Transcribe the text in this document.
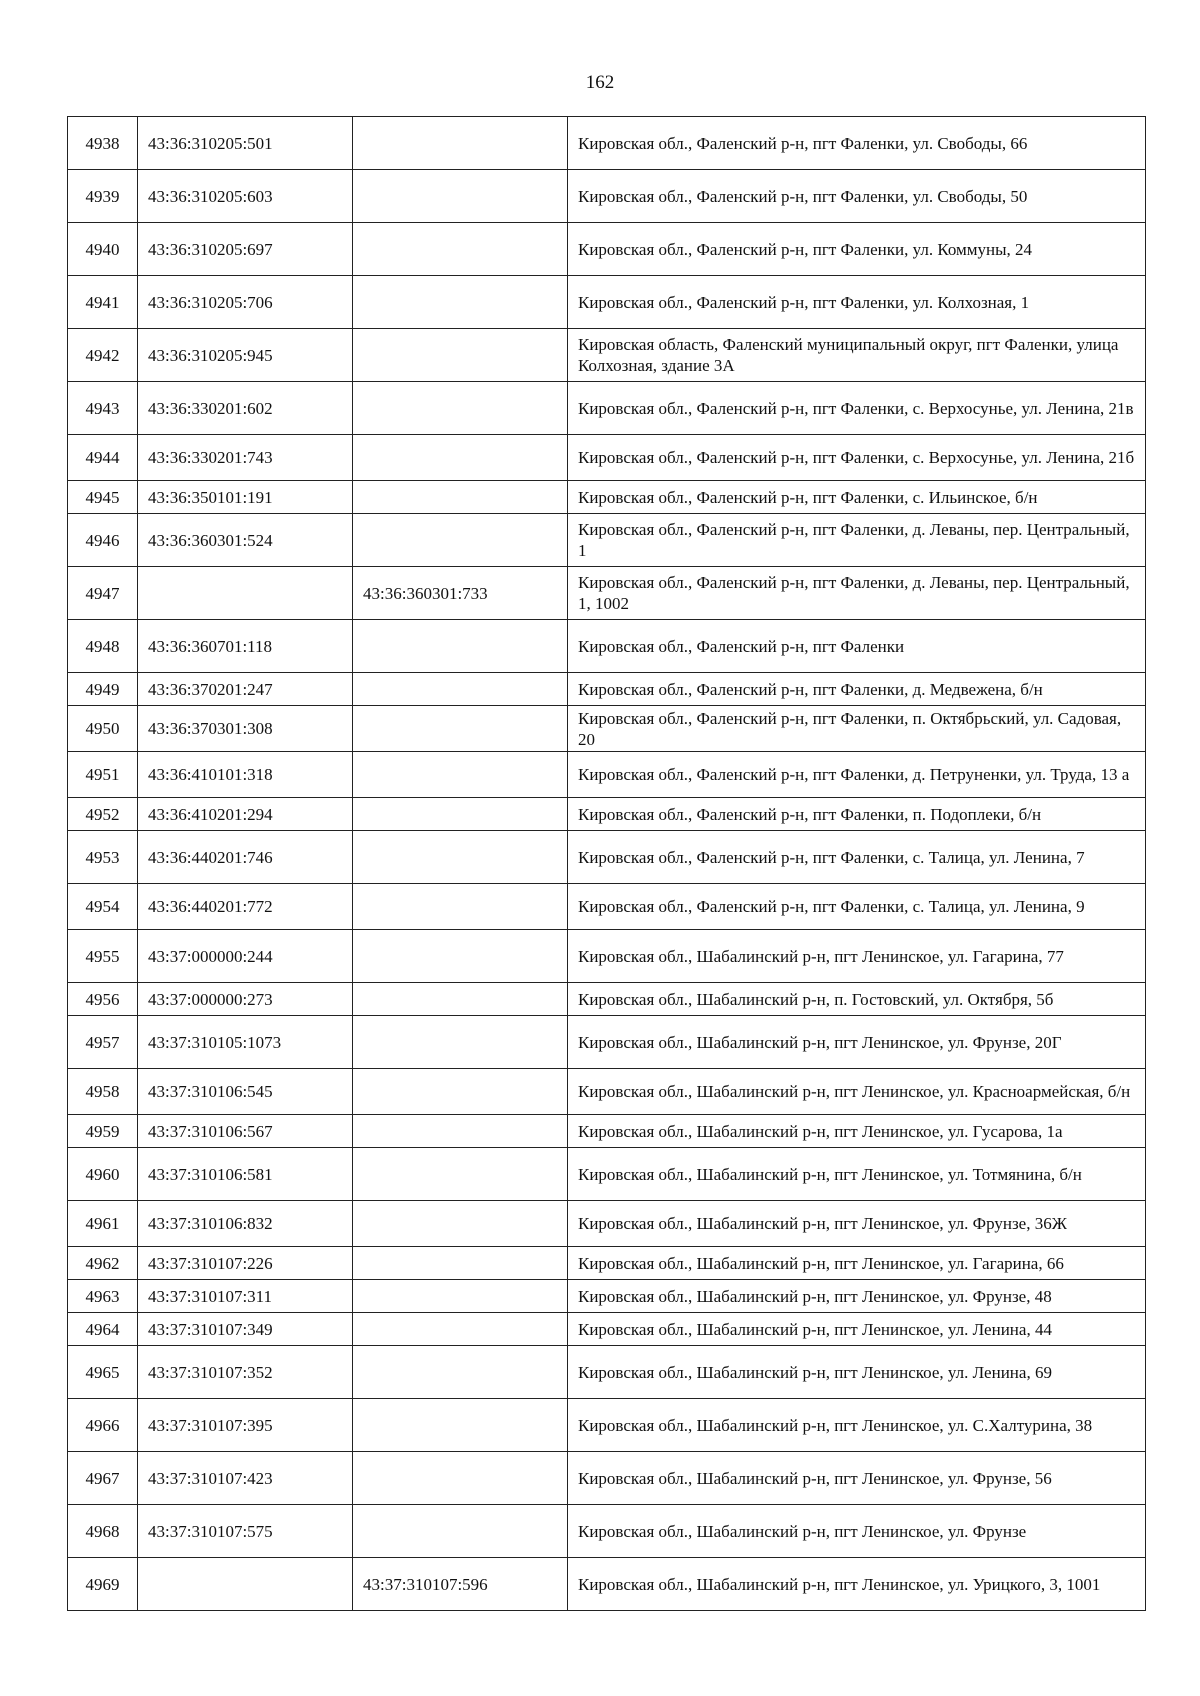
162
4938	43:36:310205:501		Кировская обл., Фаленский р-н, пгт Фаленки, ул. Свободы, 66
4939	43:36:310205:603		Кировская обл., Фаленский р-н, пгт Фаленки, ул. Свободы, 50
4940	43:36:310205:697		Кировская обл., Фаленский р-н, пгт Фаленки, ул. Коммуны, 24
4941	43:36:310205:706		Кировская обл., Фаленский р-н, пгт Фаленки, ул. Колхозная, 1
4942	43:36:310205:945		Кировская область, Фаленский муниципальный округ, пгт Фаленки, улица Колхозная, здание 3А
4943	43:36:330201:602		Кировская обл., Фаленский р-н, пгт Фаленки, с. Верхосунье, ул. Ленина, 21в
4944	43:36:330201:743		Кировская обл., Фаленский р-н, пгт Фаленки, с. Верхосунье, ул. Ленина, 21б
4945	43:36:350101:191		Кировская обл., Фаленский р-н, пгт Фаленки, с. Ильинское, б/н
4946	43:36:360301:524		Кировская обл., Фаленский р-н, пгт Фаленки, д. Леваны, пер. Центральный, 1
4947		43:36:360301:733	Кировская обл., Фаленский р-н, пгт Фаленки, д. Леваны, пер. Центральный, 1, 1002
4948	43:36:360701:118		Кировская обл., Фаленский р-н, пгт Фаленки
4949	43:36:370201:247		Кировская обл., Фаленский р-н, пгт Фаленки, д. Медвежена, б/н
4950	43:36:370301:308		Кировская обл., Фаленский р-н, пгт Фаленки, п. Октябрьский, ул. Садовая, 20
4951	43:36:410101:318		Кировская обл., Фаленский р-н, пгт Фаленки, д. Петруненки, ул. Труда, 13 а
4952	43:36:410201:294		Кировская обл., Фаленский р-н, пгт Фаленки, п. Подоплеки, б/н
4953	43:36:440201:746		Кировская обл., Фаленский р-н, пгт Фаленки, с. Талица, ул. Ленина, 7
4954	43:36:440201:772		Кировская обл., Фаленский р-н, пгт Фаленки, с. Талица, ул. Ленина, 9
4955	43:37:000000:244		Кировская обл., Шабалинский р-н, пгт Ленинское, ул. Гагарина, 77
4956	43:37:000000:273		Кировская обл., Шабалинский р-н, п. Гостовский, ул. Октября, 5б
4957	43:37:310105:1073		Кировская обл., Шабалинский р-н, пгт Ленинское, ул. Фрунзе, 20Г
4958	43:37:310106:545		Кировская обл., Шабалинский р-н, пгт Ленинское, ул. Красноармейская, б/н
4959	43:37:310106:567		Кировская обл., Шабалинский р-н, пгт Ленинское, ул. Гусарова, 1а
4960	43:37:310106:581		Кировская обл., Шабалинский р-н, пгт Ленинское, ул. Тотмянина, б/н
4961	43:37:310106:832		Кировская обл., Шабалинский р-н, пгт Ленинское, ул. Фрунзе, 36Ж
4962	43:37:310107:226		Кировская обл., Шабалинский р-н, пгт Ленинское, ул. Гагарина, 66
4963	43:37:310107:311		Кировская обл., Шабалинский р-н, пгт Ленинское, ул. Фрунзе, 48
4964	43:37:310107:349		Кировская обл., Шабалинский р-н, пгт Ленинское, ул. Ленина, 44
4965	43:37:310107:352		Кировская обл., Шабалинский р-н, пгт Ленинское, ул. Ленина, 69
4966	43:37:310107:395		Кировская обл., Шабалинский р-н, пгт Ленинское, ул. С.Халтурина, 38
4967	43:37:310107:423		Кировская обл., Шабалинский р-н, пгт Ленинское, ул. Фрунзе, 56
4968	43:37:310107:575		Кировская обл., Шабалинский р-н, пгт Ленинское, ул. Фрунзе
4969		43:37:310107:596	Кировская обл., Шабалинский р-н, пгт Ленинское, ул. Урицкого, 3, 1001
